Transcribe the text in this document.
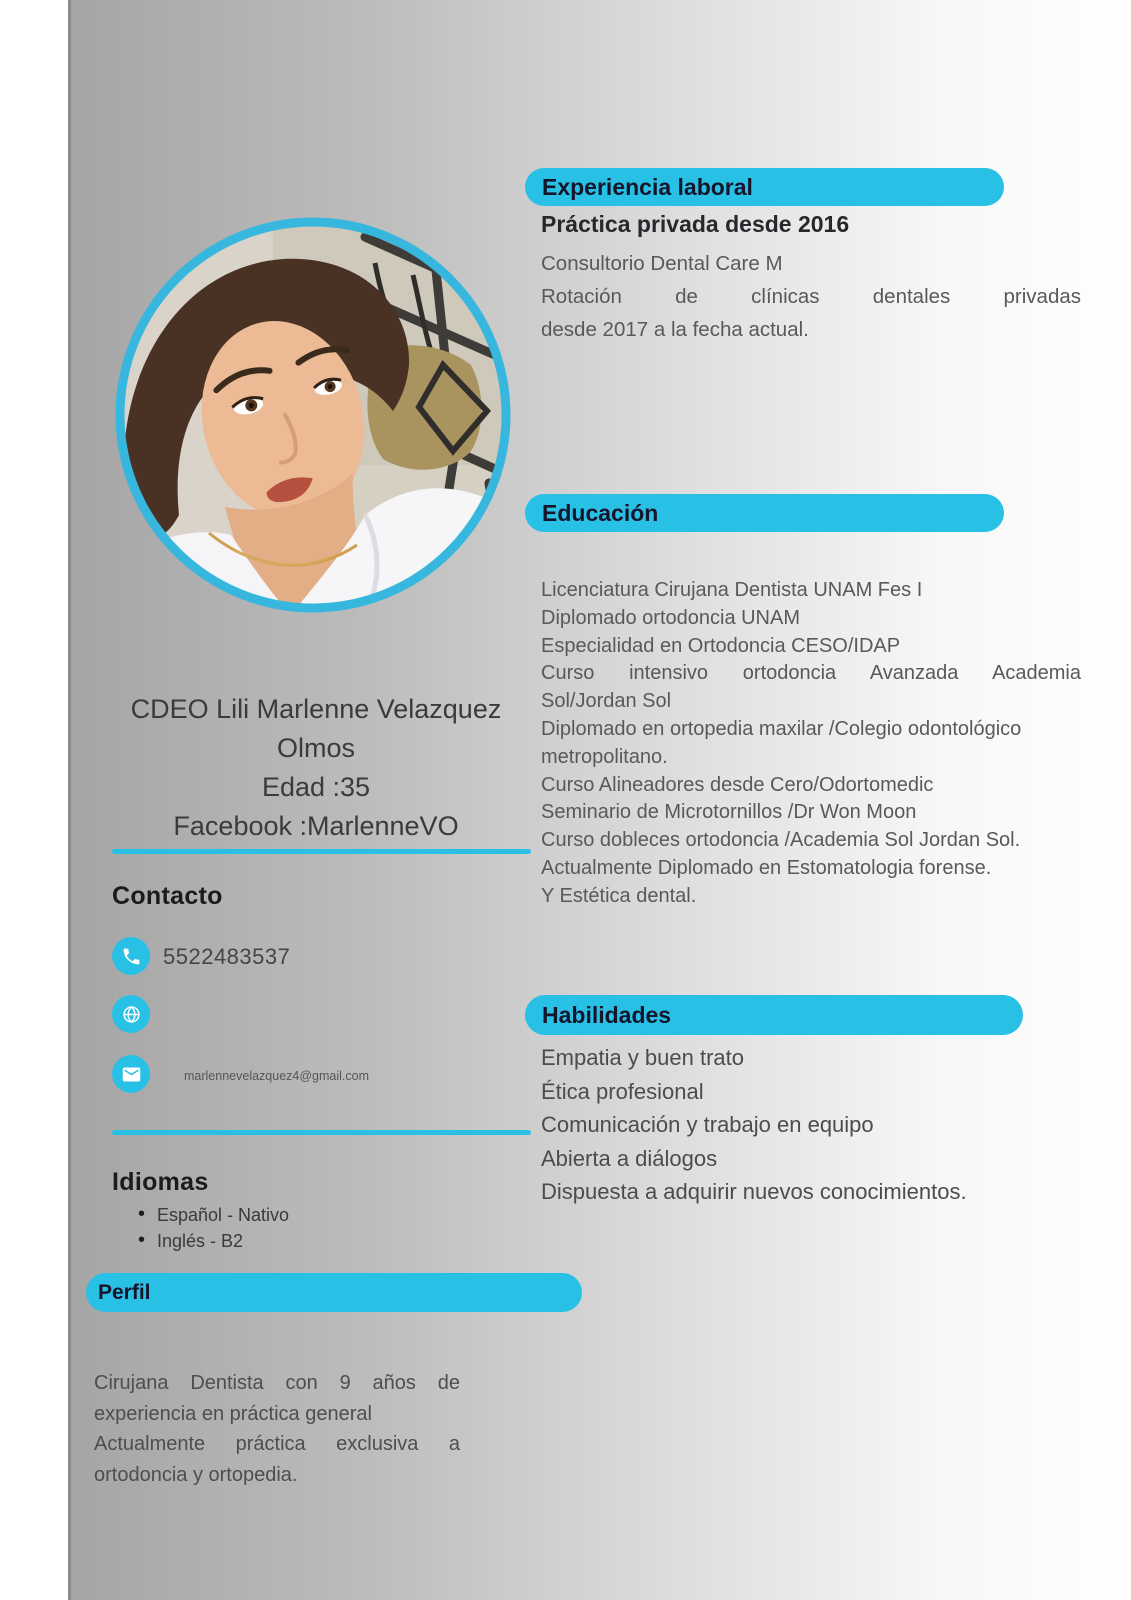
CDEO Lili Marlenne Velazquez
Olmos
Edad :35
Facebook :MarlenneVO
Contacto
5522483537
marlennevelazquez4@gmail.com
Idiomas
• Español - Nativo
• Inglés - B2
Perfil
Cirujana Dentista con 9 años de
experiencia en práctica general
Actualmente práctica exclusiva a
ortodoncia y ortopedia.
Experiencia laboral
Práctica privada desde 2016
Consultorio Dental Care M
Rotación de clínicas dentales privadas
desde 2017 a la fecha actual.
Educación
Licenciatura Cirujana Dentista UNAM Fes I
Diplomado ortodoncia UNAM
Especialidad en Ortodoncia CESO/IDAP
Curso intensivo ortodoncia Avanzada Academia
Sol/Jordan Sol
Diplomado en ortopedia maxilar /Colegio odontológico
metropolitano.
Curso Alineadores desde Cero/Odortomedic
Seminario de Microtornillos /Dr Won Moon
Curso dobleces ortodoncia /Academia Sol Jordan Sol.
Actualmente Diplomado en Estomatologia forense.
Y Estética dental.
Habilidades
Empatia y buen trato
Ética profesional
Comunicación y trabajo en equipo
Abierta a diálogos
Dispuesta a adquirir nuevos conocimientos.
